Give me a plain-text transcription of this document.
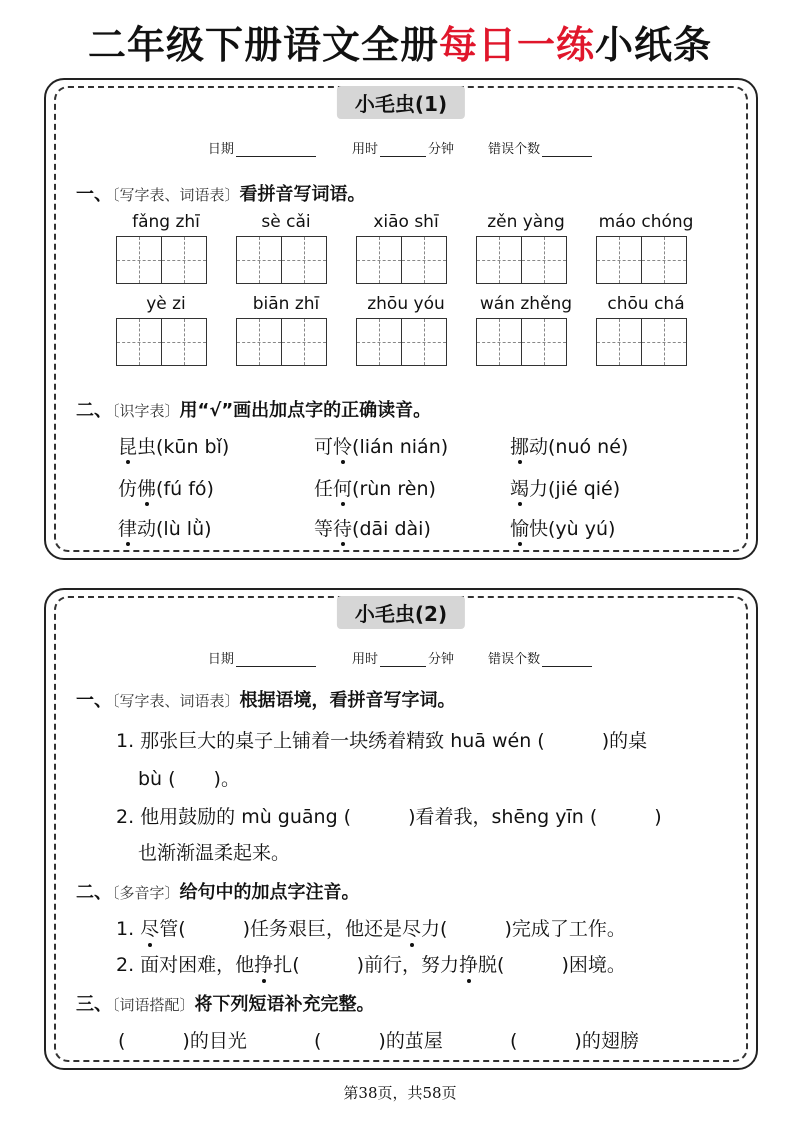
二年级下册语文全册每日一练小纸条
小毛虫(1)
日期	用时	分钟	错误个数
一、〔写字表、词语表〕看拼音写词语。
fǎng zhī	sè cǎi	xiāo shī	zěn yàng	máo chóng
yè zi	biān zhī	zhōu yóu	wán zhěng	chōu chá
二、〔识字表〕用“√”画出加点字的正确读音。
昆虫(kūn bǐ)	可怜(lián nián)	挪动(nuó né)
仿佛(fú fó)	任何(rùn rèn)	竭力(jié qié)
律动(lù lǜ)	等待(dāi dài)	愉快(yù yú)
小毛虫(2)
日期	用时	分钟	错误个数
一、〔写字表、词语表〕根据语境，看拼音写字词。
1. 那张巨大的桌子上铺着一块绣着精致 huā wén (　　　)的桌
bù (　　)。
2. 他用鼓励的 mù guāng (　　　)看着我，shēng yīn (　　　)
也渐渐温柔起来。
二、〔多音字〕给句中的加点字注音。
1. 尽管(　　　)任务艰巨，他还是尽力(　　　)完成了工作。
2. 面对困难，他挣扎(　　　)前行，努力挣脱(　　　)困境。
三、〔词语搭配〕将下列短语补充完整。
(　　　)的目光	(　　　)的茧屋	(　　　)的翅膀
第38页，共58页
